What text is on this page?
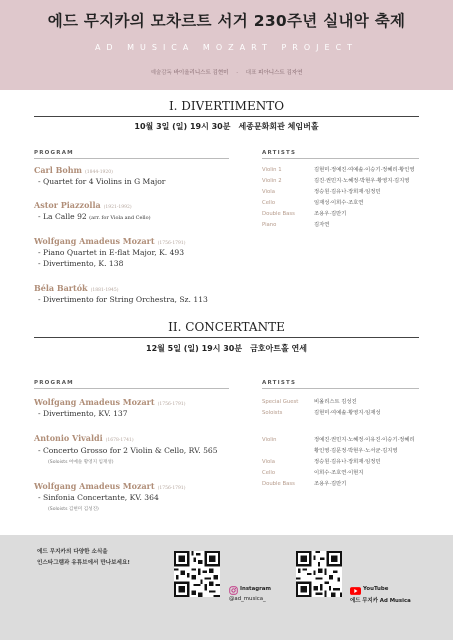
에드 무지카의 모차르트 서거 230주년 실내악 축제
AD MUSICA MOZART PROJECT
예술감독 바이올리니스트 김현미 · 대표 피아니스트 김자연
I. DIVERTIMENTO
10월 3일 (일) 19시 30분 세종문화회관 체임버홀
PROGRAM	ARTISTS
Carl Bohm (1844-1920)
- Quartet for 4 Violins in G Major
Astor Piazzolla (1921-1992)
- La Calle 92 (arr. for Viola and Cello)
Wolfgang Amadeus Mozart (1756-1791)
- Piano Quartet in E-flat Major, K. 493
- Divertimento, K. 138
Béla Bartók (1881-1945)
- Divertimento for String Orchestra, Sz. 113
Violin 1	김현미·정예진·여예솔·이승기·정혜리·황인영
Violin 2	김진·권민지·노혜정·박현우·황영지·김지영
Viola	정승원·김유나·장희재·임정민
Cello	임재성·이희수·조호연
Double Bass	조용우·김만기
Piano	김자연
II. CONCERTANTE
12월 5일 (일) 19시 30분 금호아트홀 연세
PROGRAM	ARTISTS
Wolfgang Amadeus Mozart (1756-1791)
- Divertimento, KV. 137
Antonio Vivaldi (1678-1741)
- Concerto Grosso for 2 Violin & Cello, RV. 565
(Soloists 여예솔 황영지 임재성)
Wolfgang Amadeus Mozart (1756-1791)
- Sinfonia Concertante, KV. 364
(Soloists 김현미 김성진)
Special Guest	비올리스트 김성진
Soloists	김현미·여예솔·황영지·임재성
Violin	정예진·권민지·노혜정·이유진·이승기·정혜리
황인영·김문정·박현우·노서균·김지영
Viola	정승원·김유나·장희재·임정민
Cello	이희수·조호연·이현지
Double Bass	조용우·김만기
에드 무지카의 다양한 소식을
인스타그램과 유튜브에서 만나보세요!
Instagram
@ad_musica_
YouTube
에드 무지카 Ad Musica
